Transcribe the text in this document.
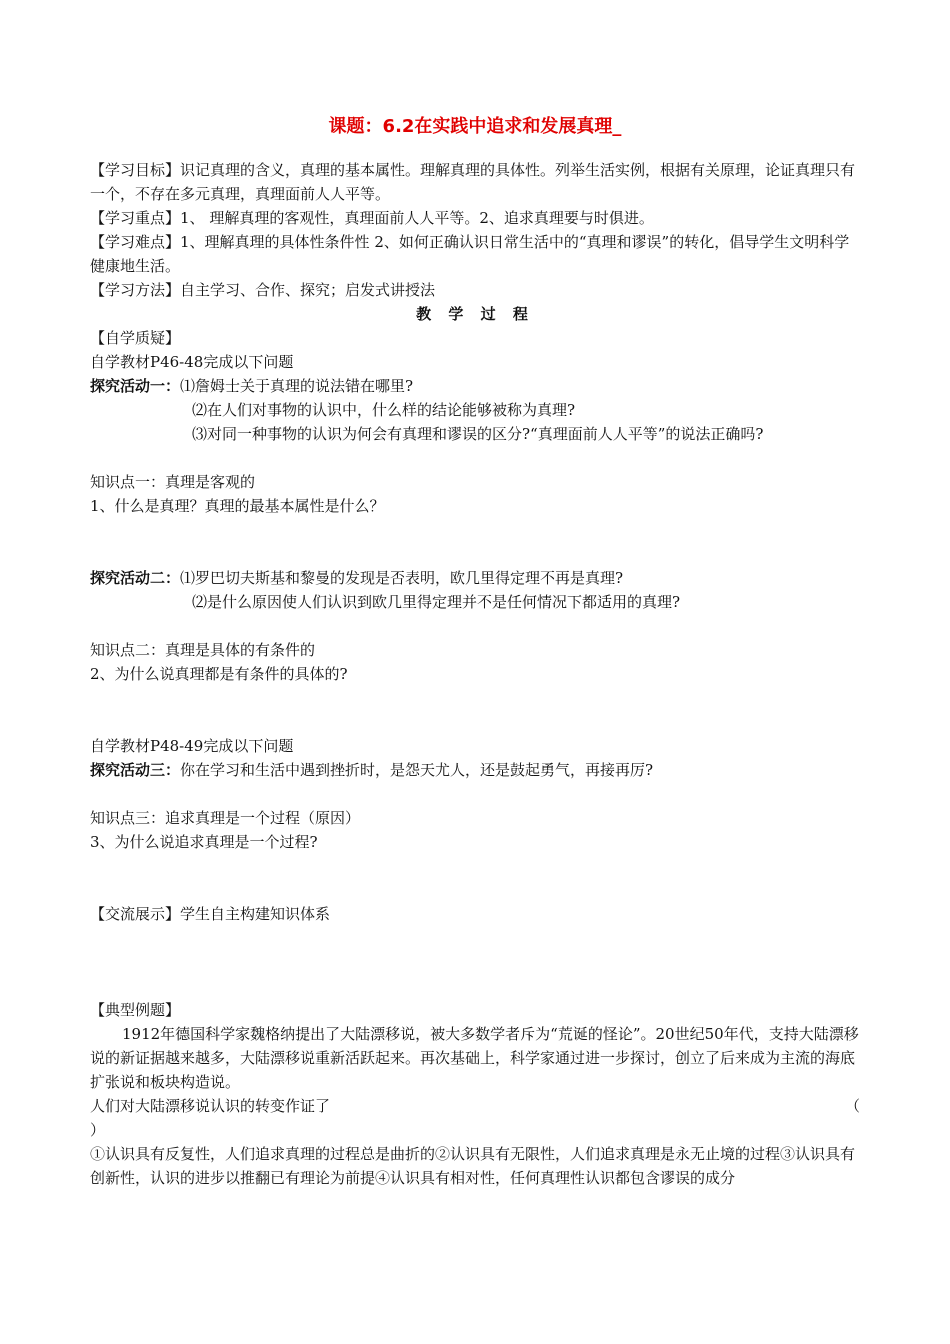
课题：6.2在实践中追求和发展真理_

【学习目标】识记真理的含义，真理的基本属性。理解真理的具体性。列举生活实例，根据有关原理，论证真理只有一个，不存在多元真理，真理面前人人平等。

【学习重点】1、 理解真理的客观性，真理面前人人平等。2、追求真理要与时俱进。

【学习难点】1、理解真理的具体性条件性 2、如何正确认识日常生活中的“真理和谬误”的转化，倡导学生文明科学健康地生活。

【学习方法】自主学习、合作、探究；启发式讲授法

教 学 过 程

【自学质疑】

自学教材P46-48完成以下问题

探究活动一： ⑴詹姆士关于真理的说法错在哪里?

⑵在人们对事物的认识中，什么样的结论能够被称为真理?

⑶对同一种事物的认识为何会有真理和谬误的区分?“真理面前人人平等”的说法正确吗?

知识点一：真理是客观的

1、什么是真理？真理的最基本属性是什么？

探究活动二： ⑴罗巴切夫斯基和黎曼的发现是否表明，欧几里得定理不再是真理?

⑵是什么原因使人们认识到欧几里得定理并不是任何情况下都适用的真理?

知识点二：真理是具体的有条件的

2、为什么说真理都是有条件的具体的?

自学教材P48-49完成以下问题

探究活动三： 你在学习和生活中遇到挫折时，是怨天尤人，还是鼓起勇气，再接再厉?

知识点三：追求真理是一个过程（原因）

3、为什么说追求真理是一个过程?

【交流展示】学生自主构建知识体系

【典型例题】

1912年德国科学家魏格纳提出了大陆漂移说，被大多数学者斥为“荒诞的怪论”。20世纪50年代，支持大陆漂移说的新证据越来越多，大陆漂移说重新活跃起来。再次基础上，科学家通过进一步探讨，创立了后来成为主流的海底扩张说和板块构造说。

人们对大陆漂移说认识的转变作证了	（

）

①认识具有反复性，人们追求真理的过程总是曲折的②认识具有无限性，人们追求真理是永无止境的过程③认识具有创新性，认识的进步以推翻已有理论为前提④认识具有相对性，任何真理性认识都包含谬误的成分
